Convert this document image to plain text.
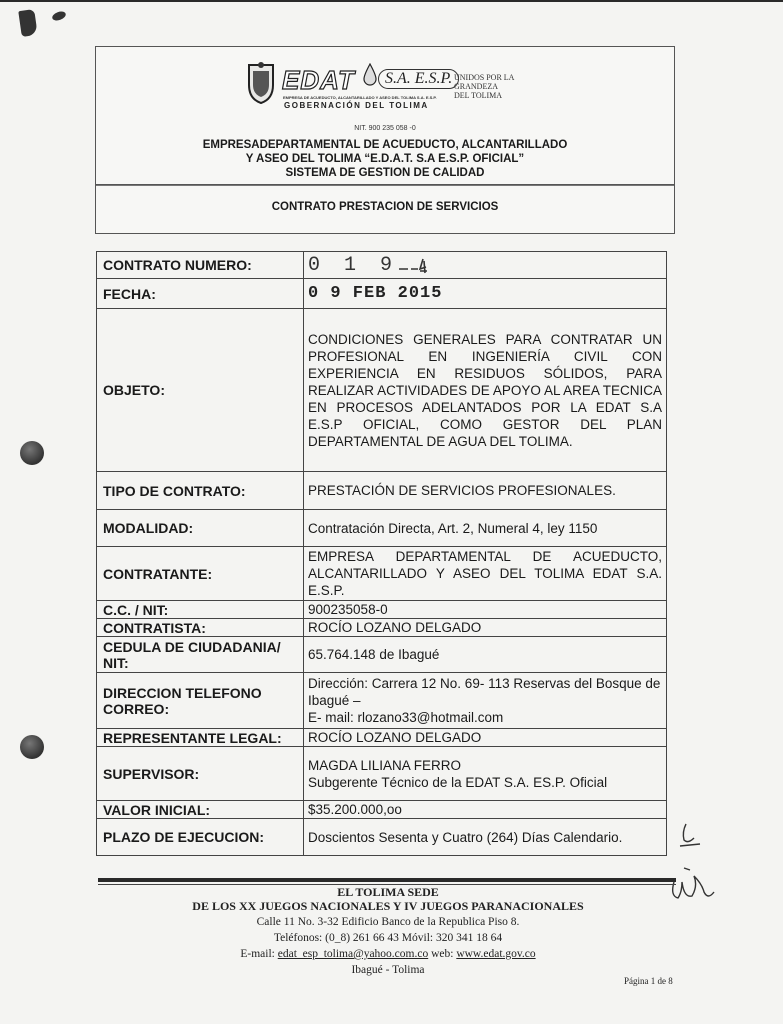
EDAT	S.A. E.S.P. UNIDOS POR LA GRANDEZA DEL TOLIMA
EMPRESA DE ACUEDUCTO, ALCANTARILLADO Y ASEO DEL TOLIMA S.A. E.S.P.
GOBERNACIÓN DEL TOLIMA
NIT. 900 235 058 -0
EMPRESADEPARTAMENTAL DE ACUEDUCTO, ALCANTARILLADO
Y ASEO DEL TOLIMA “E.D.A.T. S.A E.S.P. OFICIAL”
SISTEMA DE GESTION DE CALIDAD
CONTRATO PRESTACION DE SERVICIOS
CONTRATO NUMERO:	0 1 9
FECHA:	0 9 FEB 2015
OBJETO:	CONDICIONES GENERALES PARA CONTRATAR UN PROFESIONAL EN INGENIERÍA CIVIL CON EXPERIENCIA EN RESIDUOS SÓLIDOS, PARA REALIZAR ACTIVIDADES DE APOYO AL AREA TECNICA EN PROCESOS ADELANTADOS POR LA EDAT S.A E.S.P OFICIAL, COMO GESTOR DEL PLAN DEPARTAMENTAL DE AGUA DEL TOLIMA.
TIPO DE CONTRATO:	PRESTACIÓN DE SERVICIOS PROFESIONALES.
MODALIDAD:	Contratación Directa, Art. 2, Numeral 4, ley 1150
CONTRATANTE:	EMPRESA DEPARTAMENTAL DE ACUEDUCTO, ALCANTARILLADO Y ASEO DEL TOLIMA EDAT S.A. E.S.P.
C.C. / NIT:	900235058-0
CONTRATISTA:	ROCÍO LOZANO DELGADO
CEDULA DE CIUDADANIA/ NIT:	65.764.148 de Ibagué
DIRECCION TELEFONO CORREO:	Dirección: Carrera 12 No. 69- 113 Reservas del Bosque de Ibagué –
E- mail: rlozano33@hotmail.com

REPRESENTANTE LEGAL:	ROCÍO LOZANO DELGADO
SUPERVISOR:	MAGDA LILIANA FERRO
Subgerente Técnico de la EDAT S.A. ES.P. Oficial

VALOR INICIAL:	$35.200.000,oo
PLAZO DE EJECUCION:	Doscientos Sesenta y Cuatro (264) Días Calendario.
EL TOLIMA SEDE
DE LOS XX JUEGOS NACIONALES Y IV JUEGOS PARANACIONALES
Calle 11 No. 3-32 Edificio Banco de la Republica Piso 8.
Teléfonos: (0_8) 261 66 43 Móvil: 320 341 18 64
E-mail: edat_esp_tolima@yahoo.com.co web: www.edat.gov.co
Ibagué - Tolima
Página 1 de 8
